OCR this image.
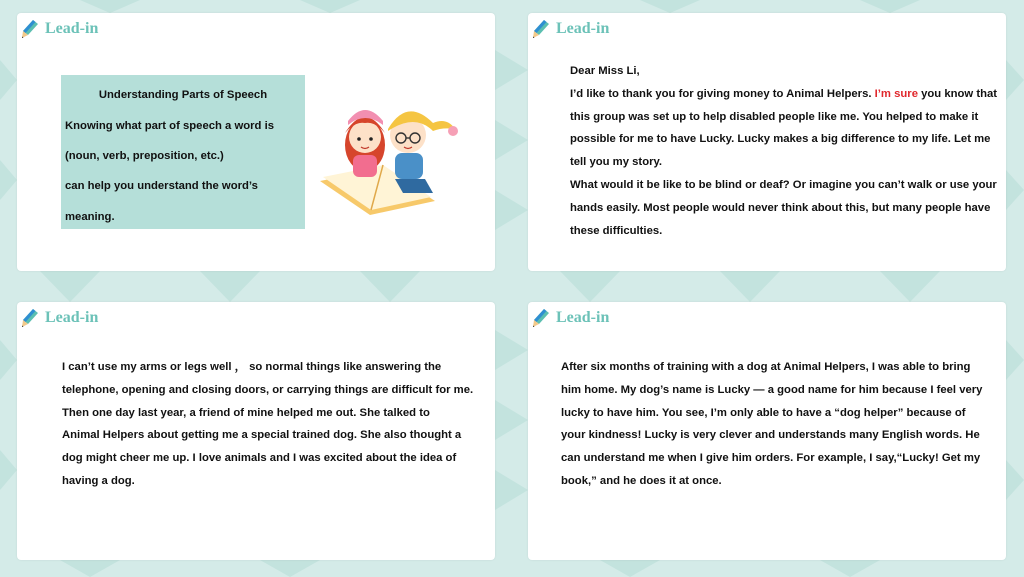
Lead-in
Understanding Parts of Speech
Knowing what part of speech a word is
(noun, verb, preposition, etc.)
can help you understand the word’s
meaning.
Lead-in
Dear Miss Li,
I’d like to thank you for giving money to Animal Helpers. I’m sure you know that
this group was set up to help disabled people like me. You helped to make it
possible for me to have Lucky. Lucky makes a big difference to my life. Let me
tell you my story.
What would it be like to be blind or deaf? Or imagine you can’t walk or use your
hands easily. Most people would never think about this, but many people have
these difficulties.
Lead-in
I can’t use my arms or legs well ， so normal things like answering the
telephone, opening and closing doors, or carrying things are difficult for me.
Then one day last year, a friend of mine helped me out. She talked to
Animal Helpers about getting me a special trained dog. She also thought a
dog might cheer me up. I love animals and I was excited about the idea of
having a dog.
Lead-in
After six months of training with a dog at Animal Helpers, I was able to bring
him home. My dog’s name is Lucky — a good name for him because I feel very
lucky to have him. You see, I’m only able to have a “dog helper” because of
your kindness! Lucky is very clever and understands many English words. He
can understand me when I give him orders. For example, I say,“Lucky! Get my
book,” and he does it at once.
